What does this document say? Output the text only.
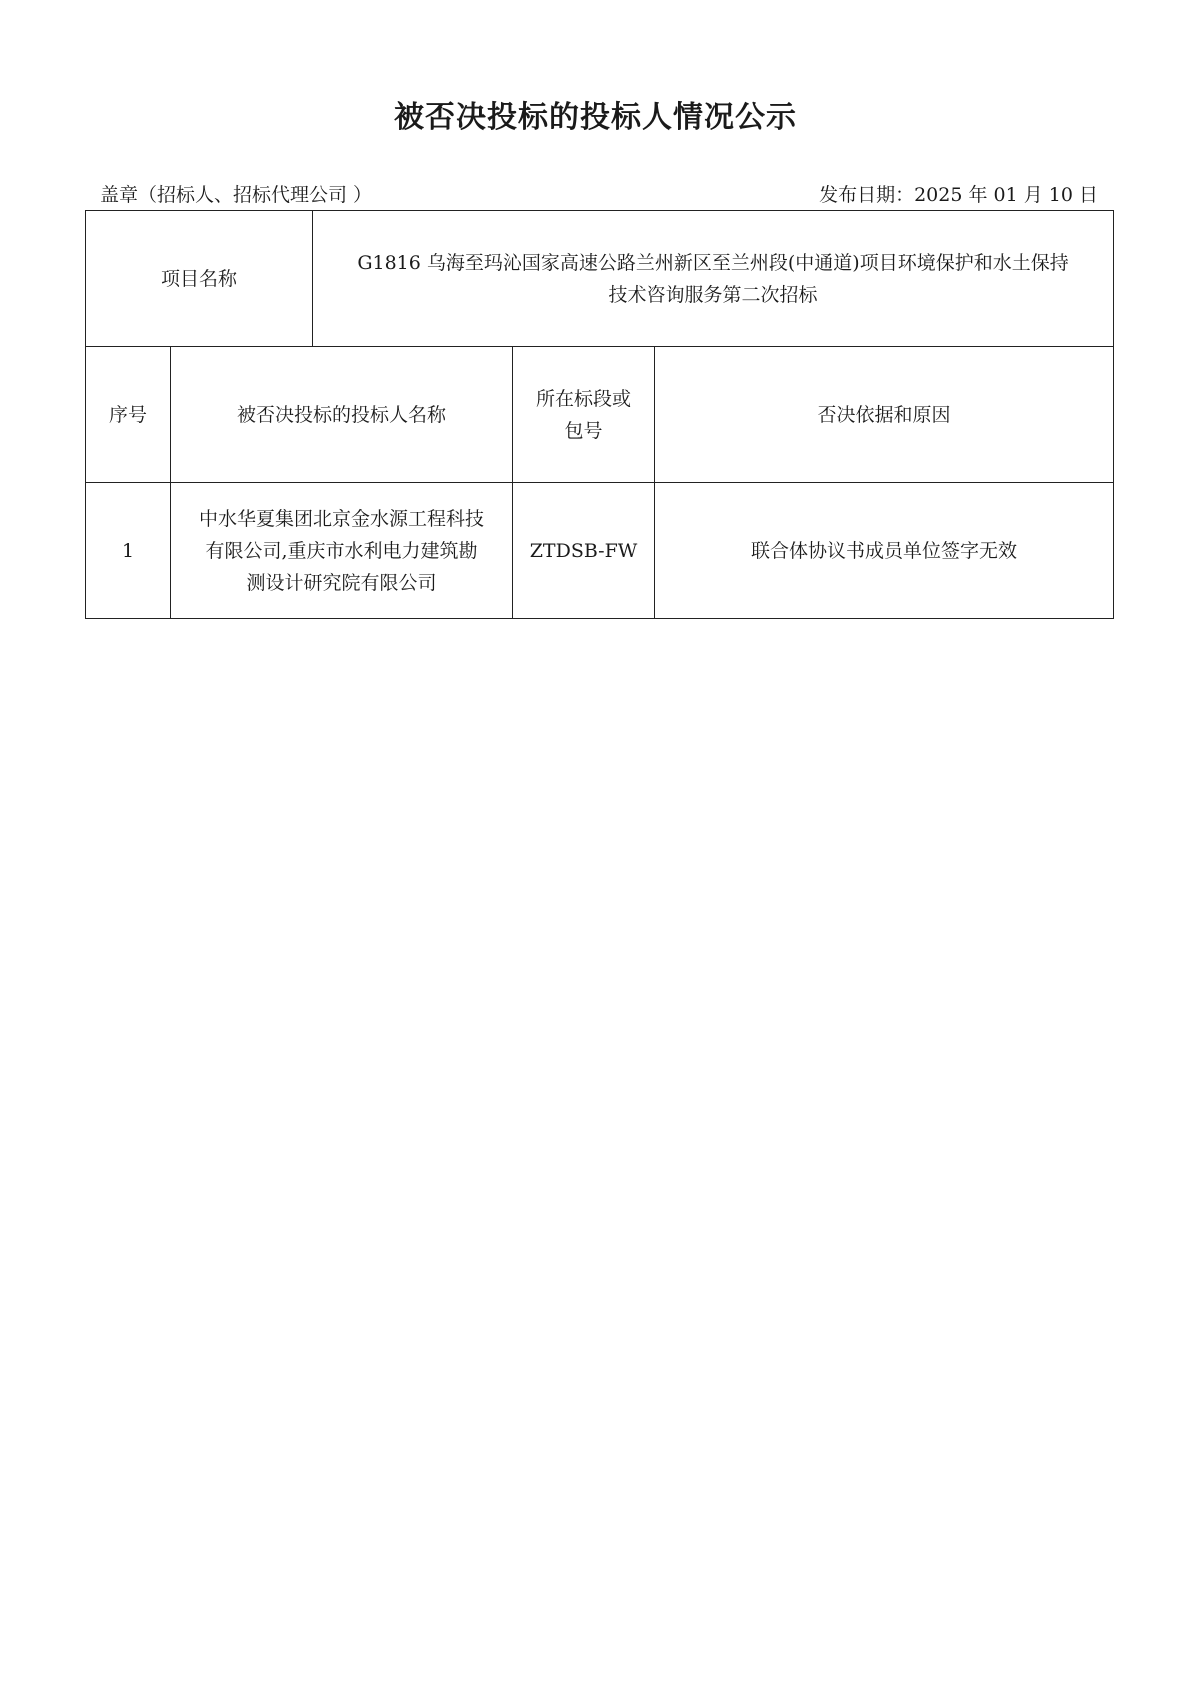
被否决投标的投标人情况公示
盖章（招标人、招标代理公司 ）	发布日期：2025 年 01 月 10 日
项目名称		G1816 乌海至玛沁国家高速公路兰州新区至兰州段(中通道)项目环境保护和水土保持
技术咨询服务第二次招标		

序号	被否决投标的投标人名称		所在标段或
包号	否决依据和原因
1	中水华夏集团北京金水源工程科技
有限公司,重庆市水利电力建筑勘
测设计研究院有限公司		ZTDSB-FW	联合体协议书成员单位签字无效
